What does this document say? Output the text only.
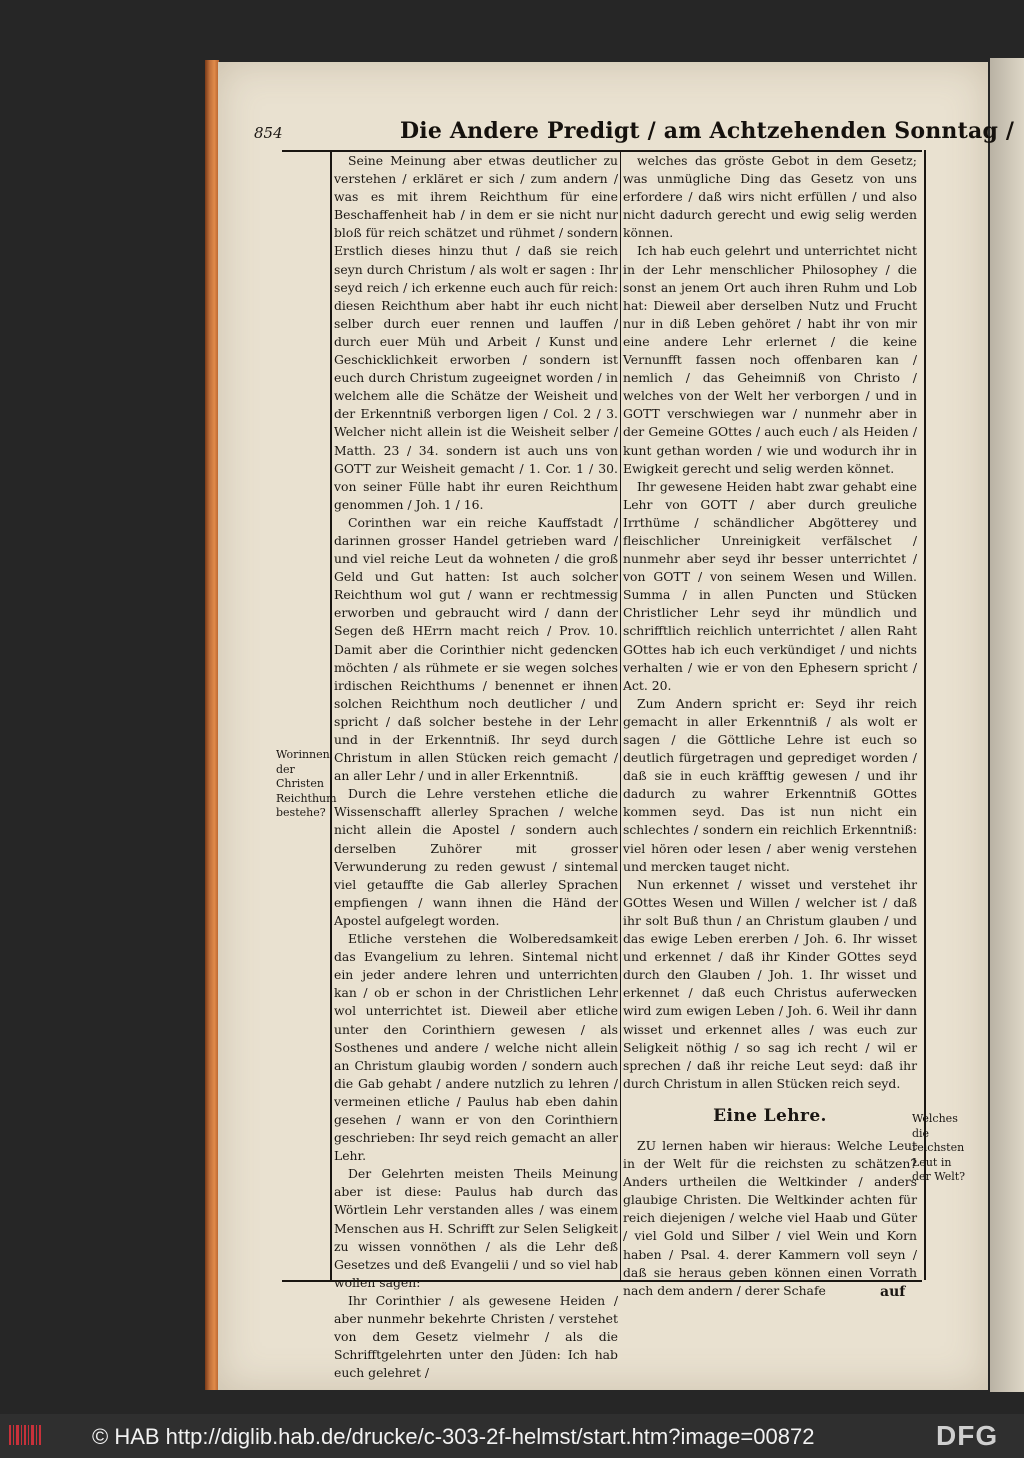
854	Die Andere Predigt / am Achtzehenden Sonntag /

Seine Meinung aber etwas deutlicher zu verstehen / erkläret er sich / zum andern / was es mit ihrem Reichthum für eine Beschaffenheit hab / in dem er sie nicht nur bloß für reich schätzet und rühmet / sondern Erstlich dieses hinzu thut / daß sie reich seyn durch Christum / als wolt er sagen : Ihr seyd reich / ich erkenne euch auch für reich: diesen Reichthum aber habt ihr euch nicht selber durch euer rennen und lauffen / durch euer Müh und Arbeit / Kunst und Geschicklichkeit erworben / sondern ist euch durch Christum zugeeignet worden / in welchem alle die Schätze der Weisheit und der Erkenntniß verborgen ligen / Col. 2 / 3. Welcher nicht allein ist die Weisheit selber / Matth. 23 / 34. sondern ist auch uns von GOTT zur Weisheit gemacht / 1. Cor. 1 / 30. von seiner Fülle habt ihr euren Reichthum genommen / Joh. 1 / 16.

Corinthen war ein reiche Kauffstadt / darinnen grosser Handel getrieben ward / und viel reiche Leut da wohneten / die groß Geld und Gut hatten: Ist auch solcher Reichthum wol gut / wann er rechtmessig erworben und gebraucht wird / dann der Segen deß HErrn macht reich / Prov. 10. Damit aber die Corinthier nicht gedencken möchten / als rühmete er sie wegen solches irdischen Reichthums / benennet er ihnen solchen Reichthum noch deutlicher / und spricht / daß solcher bestehe in der Lehr und in der Erkenntniß. Ihr seyd durch Christum in allen Stücken reich gemacht / an aller Lehr / und in aller Erkenntniß.

Durch die Lehre verstehen etliche die Wissenschafft allerley Sprachen / welche nicht allein die Apostel / sondern auch derselben Zuhörer mit grosser Verwunderung zu reden gewust / sintemal viel getauffte die Gab allerley Sprachen empfiengen / wann ihnen die Händ der Apostel aufgelegt worden.

Etliche verstehen die Wolberedsamkeit das Evangelium zu lehren. Sintemal nicht ein jeder andere lehren und unterrichten kan / ob er schon in der Christlichen Lehr wol unterrichtet ist. Dieweil aber etliche unter den Corinthiern gewesen / als Sosthenes und andere / welche nicht allein an Christum glaubig worden / sondern auch die Gab gehabt / andere nutzlich zu lehren / vermeinen etliche / Paulus hab eben dahin gesehen / wann er von den Corinthiern geschrieben: Ihr seyd reich gemacht an aller Lehr.

Der Gelehrten meisten Theils Meinung aber ist diese: Paulus hab durch das Wörtlein Lehr verstanden alles / was einem Menschen aus H. Schrifft zur Selen Seligkeit zu wissen vonnöthen / als die Lehr deß Gesetzes und deß Evangelii / und so viel hab wollen sagen:

Ihr Corinthier / als gewesene Heiden / aber nunmehr bekehrte Christen / verstehet von dem Gesetz vielmehr / als die Schrifftgelehrten unter den Jüden: Ich hab euch gelehret /

welches das gröste Gebot in dem Gesetz; was unmügliche Ding das Gesetz von uns erfordere / daß wirs nicht erfüllen / und also nicht dadurch gerecht und ewig selig werden können.

Ich hab euch gelehrt und unterrichtet nicht in der Lehr menschlicher Philosophey / die sonst an jenem Ort auch ihren Ruhm und Lob hat: Dieweil aber derselben Nutz und Frucht nur in diß Leben gehöret / habt ihr von mir eine andere Lehr erlernet / die keine Vernunfft fassen noch offenbaren kan / nemlich / das Geheimniß von Christo / welches von der Welt her verborgen / und in GOTT verschwiegen war / nunmehr aber in der Gemeine GOttes / auch euch / als Heiden / kunt gethan worden / wie und wodurch ihr in Ewigkeit gerecht und selig werden könnet.

Ihr gewesene Heiden habt zwar gehabt eine Lehr von GOTT / aber durch greuliche Irrthüme / schändlicher Abgötterey und fleischlicher Unreinigkeit verfälschet / nunmehr aber seyd ihr besser unterrichtet / von GOTT / von seinem Wesen und Willen. Summa / in allen Puncten und Stücken Christlicher Lehr seyd ihr mündlich und schrifftlich reichlich unterrichtet / allen Raht GOttes hab ich euch verkündiget / und nichts verhalten / wie er von den Ephesern spricht / Act. 20.

Zum Andern spricht er: Seyd ihr reich gemacht in aller Erkenntniß / als wolt er sagen / die Göttliche Lehre ist euch so deutlich fürgetragen und geprediget worden / daß sie in euch kräfftig gewesen / und ihr dadurch zu wahrer Erkenntniß GOttes kommen seyd. Das ist nun nicht ein schlechtes / sondern ein reichlich Erkenntniß: viel hören oder lesen / aber wenig verstehen und mercken tauget nicht.

Nun erkennet / wisset und verstehet ihr GOttes Wesen und Willen / welcher ist / daß ihr solt Buß thun / an Christum glauben / und das ewige Leben ererben / Joh. 6. Ihr wisset und erkennet / daß ihr Kinder GOttes seyd durch den Glauben / Joh. 1. Ihr wisset und erkennet / daß euch Christus auferwecken wird zum ewigen Leben / Joh. 6. Weil ihr dann wisset und erkennet alles / was euch zur Seligkeit nöthig / so sag ich recht / wil er sprechen / daß ihr reiche Leut seyd: daß ihr durch Christum in allen Stücken reich seyd.

Eine Lehre.

ZU lernen haben wir hieraus: Welche Leut in der Welt für die reichsten zu schätzen? Anders urtheilen die Weltkinder / anders glaubige Christen. Die Weltkinder achten für reich diejenigen / welche viel Haab und Güter / viel Gold und Silber / viel Wein und Korn haben / Psal. 4. derer Kammern voll seyn / daß sie heraus geben können einen Vorrath nach dem andern / derer Schafe

Worinnen der Christen Reichthum bestehe?
Welches die reichsten Leut in der Welt?
auf
© HAB http://diglib.hab.de/drucke/c-303-2f-helmst/start.htm?image=00872	DFG
